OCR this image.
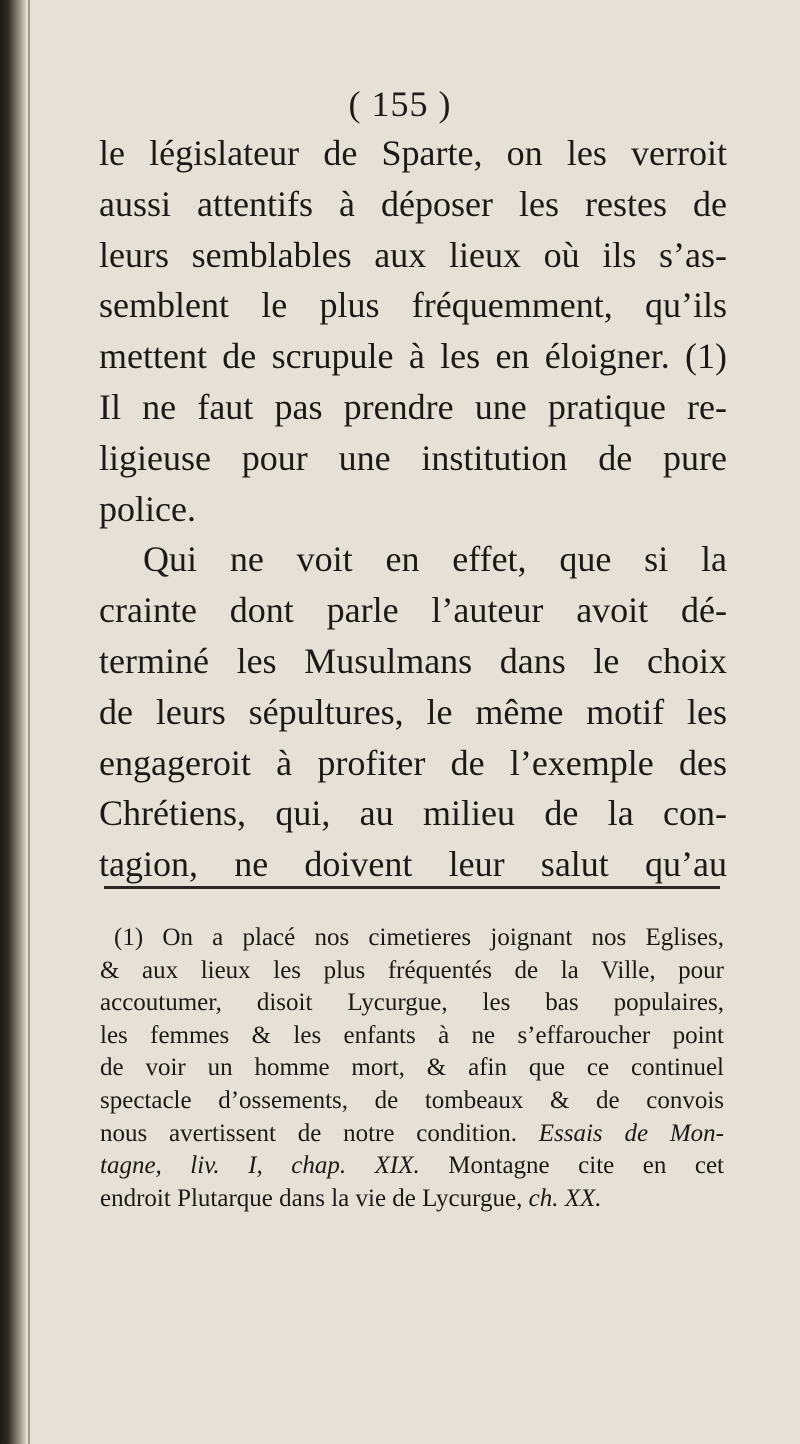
( 155 )
le législateur de Sparte, on les verroit
aussi attentifs à déposer les restes de
leurs semblables aux lieux où ils s’as-
semblent le plus fréquemment, qu’ils
mettent de scrupule à les en éloigner. (1)
Il ne faut pas prendre une pratique re-
ligieuse pour une institution de pure
police.
Qui ne voit en effet, que si la
crainte dont parle l’auteur avoit dé-
terminé les Musulmans dans le choix
de leurs sépultures, le même motif les
engageroit à profiter de l’exemple des
Chrétiens, qui, au milieu de la con-
tagion, ne doivent leur salut qu’au
(1) On a placé nos cimetieres joignant nos Eglises,
& aux lieux les plus fréquentés de la Ville, pour
accoutumer, disoit Lycurgue, les bas populaires,
les femmes & les enfants à ne s’effaroucher point
de voir un homme mort, & afin que ce continuel
spectacle d’ossements, de tombeaux & de convois
nous avertissent de notre condition. Essais de Mon-
tagne, liv. I, chap. XIX. Montagne cite en cet
endroit Plutarque dans la vie de Lycurgue, ch. XX.
